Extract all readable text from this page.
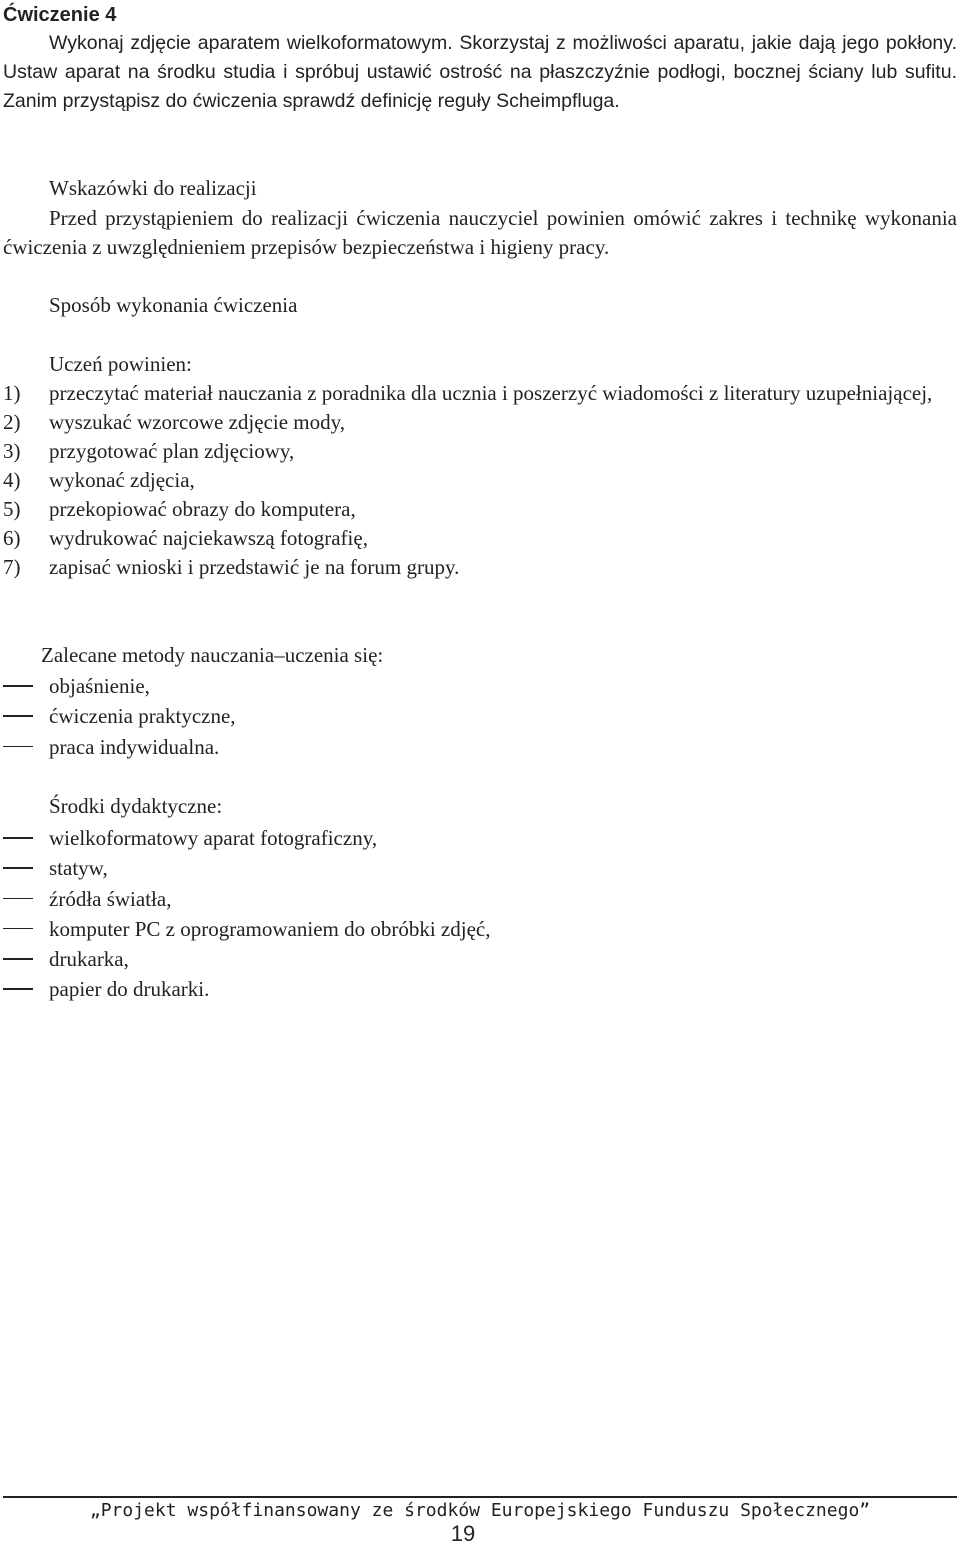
Ćwiczenie 4

Wykonaj zdjęcie aparatem wielkoformatowym. Skorzystaj z możliwości aparatu, jakie dają jego pokłony. Ustaw aparat na środku studia i spróbuj ustawić ostrość na płaszczyźnie podłogi, bocznej ściany lub sufitu. Zanim przystąpisz do ćwiczenia sprawdź definicję reguły Scheimpfluga.

Wskazówki do realizacji

Przed przystąpieniem do realizacji ćwiczenia nauczyciel powinien omówić zakres i technikę wykonania ćwiczenia z uwzględnieniem przepisów bezpieczeństwa i higieny pracy.

Sposób wykonania ćwiczenia

Uczeń powinien:

1) przeczytać materiał nauczania z poradnika dla ucznia i poszerzyć wiadomości z literatury uzupełniającej,
2) wyszukać wzorcowe zdjęcie mody,
3) przygotować plan zdjęciowy,
4) wykonać zdjęcia,
5) przekopiować obrazy do komputera,
6) wydrukować najciekawszą fotografię,
7) zapisać wnioski i przedstawić je na forum grupy.

Zalecane metody nauczania–uczenia się:

objaśnienie,
ćwiczenia praktyczne,
praca indywidualna.

Środki dydaktyczne:

wielkoformatowy aparat fotograficzny,
statyw,
źródła światła,
komputer PC z oprogramowaniem do obróbki zdjęć,
drukarka,
papier do drukarki.

„Projekt współfinansowany ze środków Europejskiego Funduszu Społecznego”

19
